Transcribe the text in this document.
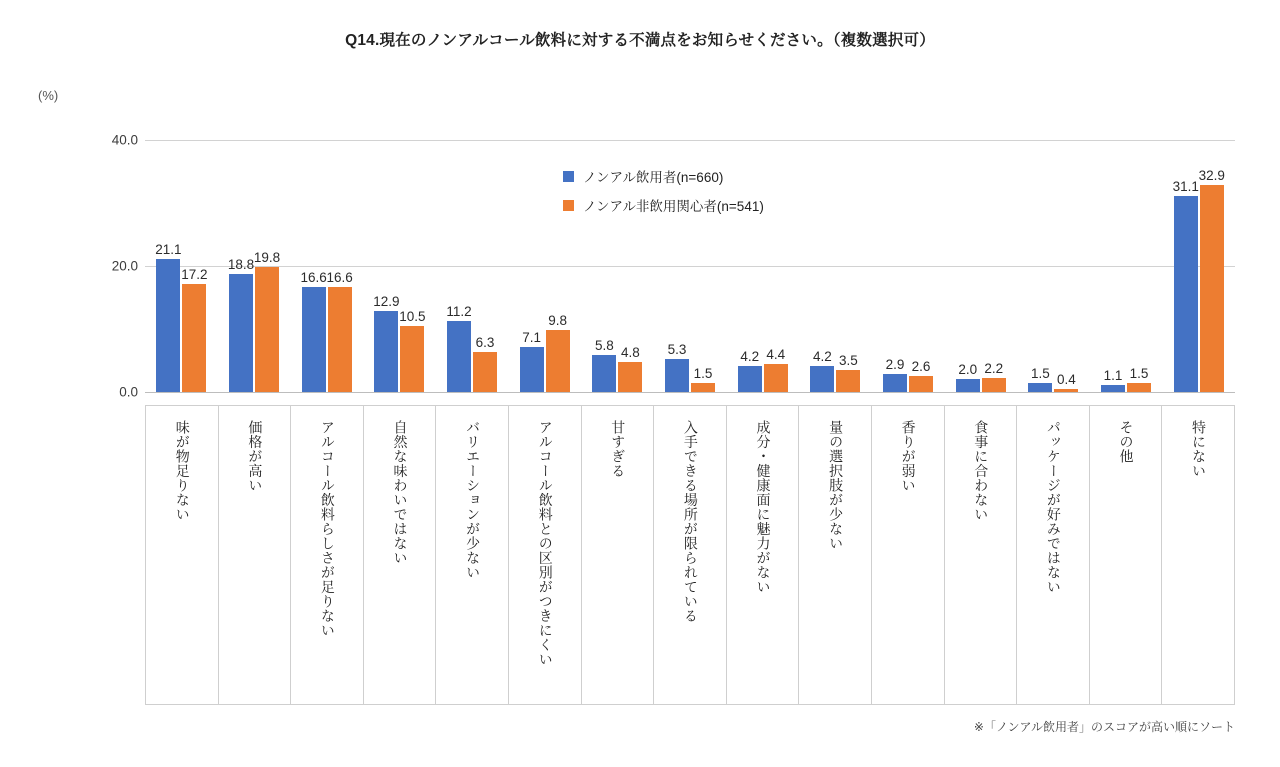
Q14.現在のノンアルコール飲料に対する不満点をお知らせください。（複数選択可）
(%)
40.0
20.0
0.0
21.1
17.2
18.8 19.8
16.6 16.6
12.9
10.5 11.2
6.3 7.1
9.8
5.8 4.8 5.3
1.5
4.2 4.4 4.2 3.5 2.9 2.6 2.0 2.2 1.5 0.4 1.1 1.5
31.1
32.9
ノンアル飲用者(n=660)
ノンアル非飲用関心者(n=541)
味が物足りない	価格が高い	アルコール飲料らしさが足りない	自然な味わいではない	バリエーションが少ない	アルコール飲料との区別がつきにくい	甘すぎる	入手できる場所が限られている	成分・健康面に魅力がない	量の選択肢が少ない	香りが弱い	食事に合わない	パッケージが好みではない	その他	特にない
※「ノンアル飲用者」のスコアが高い順にソート
